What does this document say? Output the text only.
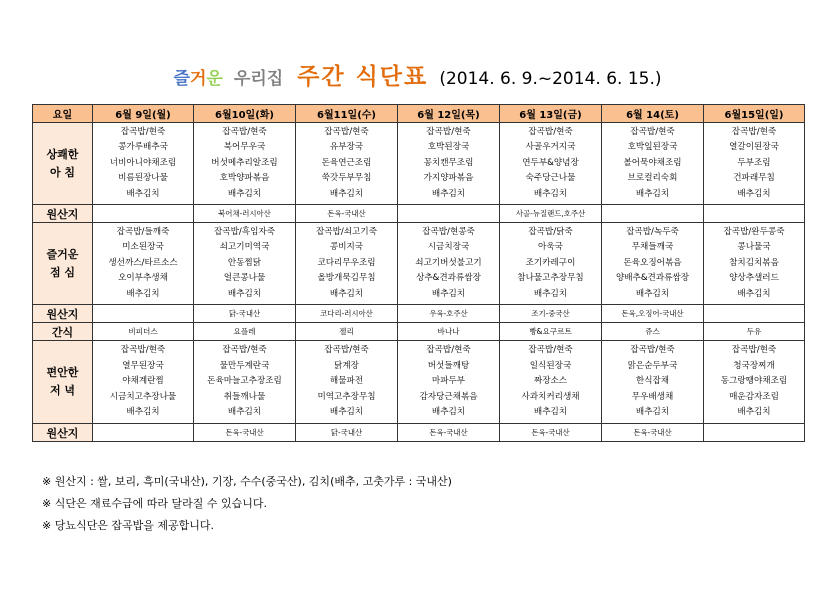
즐거운 우리집 주간 식단표 (2014. 6. 9.~2014. 6. 15.)
요일	6월 9일(월)	6월10일(화)	6월11일(수)	6월 12일(목)	6월 13일(금)	6월 14(토)	6월15일(일)
상쾌한
아 침	잡곡밥/현죽
콩가루배추국
너비아니야채조림
비름된장나물
배추김치	잡곡밥/현죽
북어무우국
버섯메추리알조림
호박양파볶음
배추김치	잡곡밥/현죽
유부장국
돈육연근조림
쑥갓두부무침
배추김치	잡곡밥/현죽
호박된장국
꽁치캔무조림
가지양파볶음
배추김치	잡곡밥/현죽
사골우거지국
연두부&양념장
숙주당근나물
배추김치	잡곡밥/현죽
호박잎된장국
볼어묵야채조림
브로컬리숙회
배추김치	잡곡밥/현죽
열갈이된장국
두부조림
건파래무침
배추김치
원산지		북어채-러시아산	돈육-국내산		사골-뉴질랜드,호주산		
즐거운
점 심	잡곡밥/들깨죽
미소된장국
생선까스/타르소스
오이부추생채
배추김치	잡곡밥/흑임자죽
쇠고기미역국
안동찜닭
얼큰콩나물
배추김치	잡곡밥/쇠고기죽
콩비지국
코다리무우조림
올방개묵김무침
배추김치	잡곡밥/현콩죽
시금치장국
쇠고기버섯불고기
상추&견과류쌈장
배추김치	잡곡밥/닭죽
아욱국
조기카레구이
참나물고추장무침
배추김치	잡곡밥/녹두죽
무채들깨국
돈육오징어볶음
양배추&견과류쌈장
배추김치	잡곡밥/완두콩죽
콩나물국
참치김치볶음
양상추샐러드
배추김치
원산지		닭-국내산	코다리-러시아산	우육-호주산	조기-중국산	돈육,오징어-국내산	
간식	비피더스	요플레	젤리	바나나	빵&요구르트	쥬스	두유
편안한
저 녁	잡곡밥/현죽
열무된장국
야채계란찜
시금치고추장나물
배추김치	잡곡밥/현죽
물만두계란국
돈육마늘고추장조림
취들깨나물
배추김치	잡곡밥/현죽
닭계장
해물파전
미역고추장무침
배추김치	잡곡밥/현죽
버섯들깨탕
마파두부
감자당근채볶음
배추김치	잡곡밥/현죽
일식된장국
짜장소스
사과치커리생채
배추김치	잡곡밥/현죽
맑은순두부국
한식잡채
무우배생채
배추김치	잡곡밥/현죽
청국장찌개
동그랑땡야채조림
매운감자조림
배추김치
원산지		돈육-국내산	닭-국내산	돈육-국내산	돈육-국내산	돈육-국내산	
※ 원산지 : 쌀, 보리, 흑미(국내산), 기장, 수수(중국산), 김치(배추, 고춧가루 : 국내산)
※ 식단은 재료수급에 따라 달라질 수 있습니다.
※ 당뇨식단은 잡곡밥을 제공합니다.
